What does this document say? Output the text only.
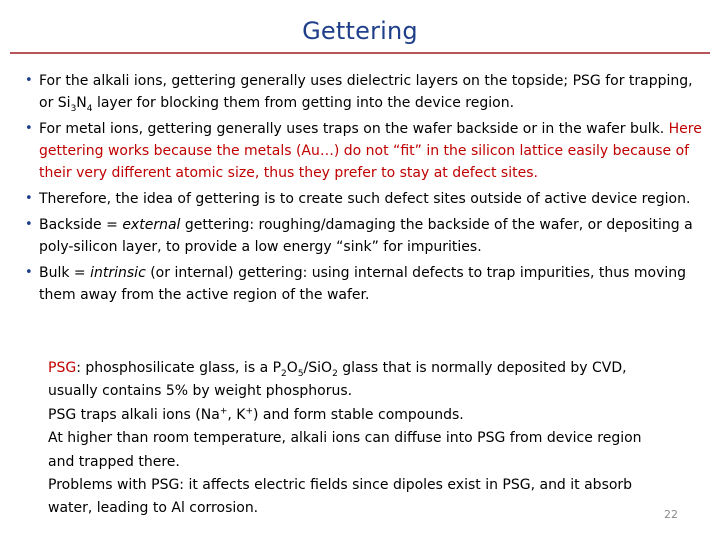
Gettering
• For the alkali ions, gettering generally uses dielectric layers on the topside; PSG for trapping, or $Si_3N_4$ layer for blocking them from getting into the device region.
• For metal ions, gettering generally uses traps on the wafer backside or in the wafer bulk. Here gettering works because the metals (Au…) do not “fit” in the silicon lattice easily because of their very different atomic size, thus they prefer to stay at defect sites.
• Therefore, the idea of gettering is to create such defect sites outside of active device region.
• Backside = external gettering: roughing/damaging the backside of the wafer, or depositing a poly-silicon layer, to provide a low energy “sink” for impurities.
• Bulk = intrinsic (or internal) gettering: using internal defects to trap impurities, thus moving them away from the active region of the wafer.
PSG: phosphosilicate glass, is a $P_2O_5/SiO_2$ glass that is normally deposited by CVD,
usually contains 5% by weight phosphorus.
PSG traps alkali ions (Na+, K+) and form stable compounds.
At higher than room temperature, alkali ions can diffuse into PSG from device region
and trapped there.
Problems with PSG: it affects electric fields since dipoles exist in PSG, and it absorb
water, leading to Al corrosion.	22
